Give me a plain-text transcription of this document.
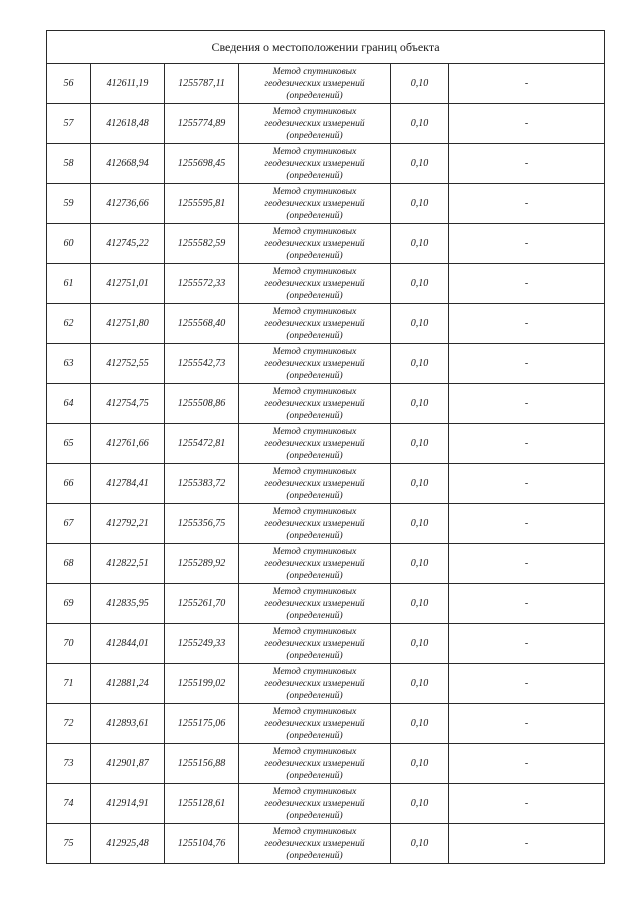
Сведения о местоположении границ объекта					
56	412611,19	1255787,11	Метод спутниковых
геодезических измерений
(определений)	0,10	-
57	412618,48	1255774,89	Метод спутниковых
геодезических измерений
(определений)	0,10	-
58	412668,94	1255698,45	Метод спутниковых
геодезических измерений
(определений)	0,10	-
59	412736,66	1255595,81	Метод спутниковых
геодезических измерений
(определений)	0,10	-
60	412745,22	1255582,59	Метод спутниковых
геодезических измерений
(определений)	0,10	-
61	412751,01	1255572,33	Метод спутниковых
геодезических измерений
(определений)	0,10	-
62	412751,80	1255568,40	Метод спутниковых
геодезических измерений
(определений)	0,10	-
63	412752,55	1255542,73	Метод спутниковых
геодезических измерений
(определений)	0,10	-
64	412754,75	1255508,86	Метод спутниковых
геодезических измерений
(определений)	0,10	-
65	412761,66	1255472,81	Метод спутниковых
геодезических измерений
(определений)	0,10	-
66	412784,41	1255383,72	Метод спутниковых
геодезических измерений
(определений)	0,10	-
67	412792,21	1255356,75	Метод спутниковых
геодезических измерений
(определений)	0,10	-
68	412822,51	1255289,92	Метод спутниковых
геодезических измерений
(определений)	0,10	-
69	412835,95	1255261,70	Метод спутниковых
геодезических измерений
(определений)	0,10	-
70	412844,01	1255249,33	Метод спутниковых
геодезических измерений
(определений)	0,10	-
71	412881,24	1255199,02	Метод спутниковых
геодезических измерений
(определений)	0,10	-
72	412893,61	1255175,06	Метод спутниковых
геодезических измерений
(определений)	0,10	-
73	412901,87	1255156,88	Метод спутниковых
геодезических измерений
(определений)	0,10	-
74	412914,91	1255128,61	Метод спутниковых
геодезических измерений
(определений)	0,10	-
75	412925,48	1255104,76	Метод спутниковых
геодезических измерений
(определений)	0,10	-
